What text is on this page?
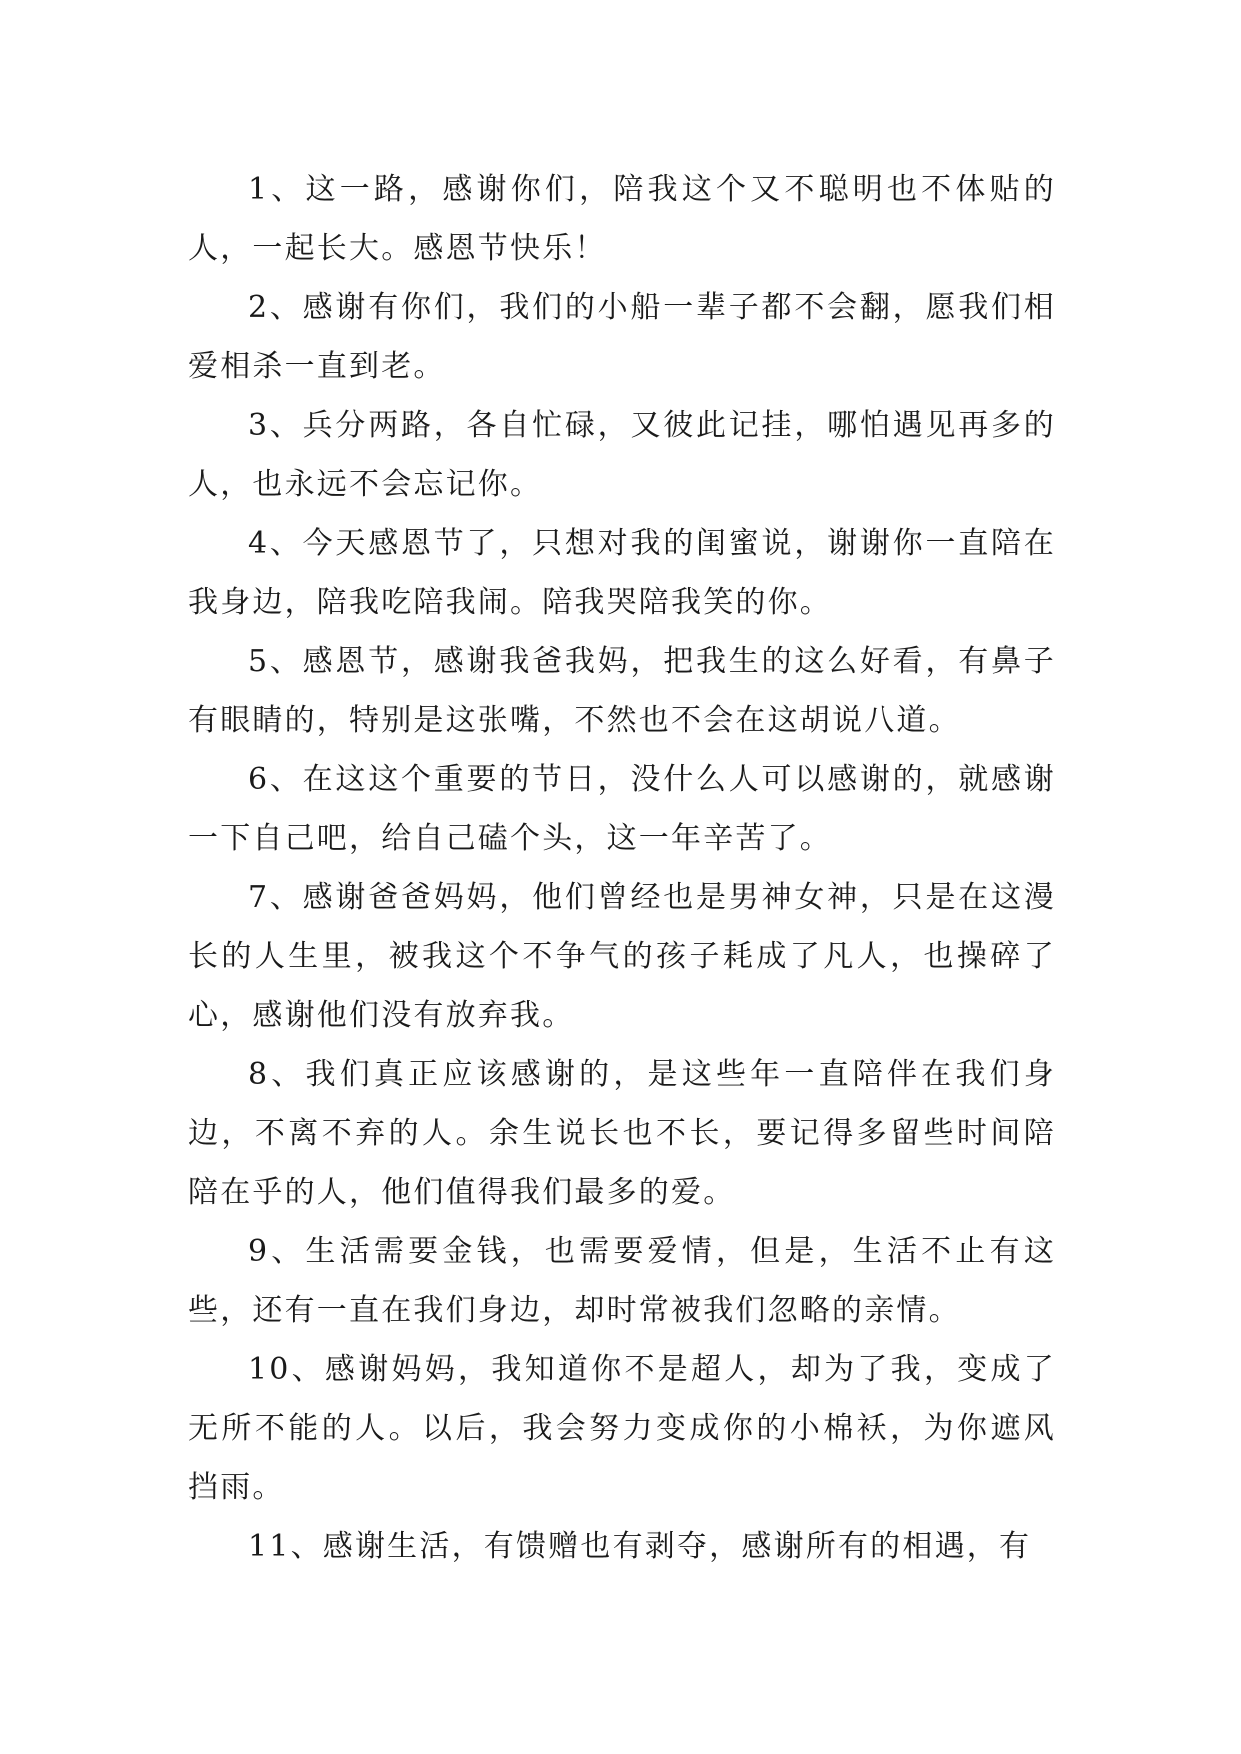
1、这一路，感谢你们，陪我这个又不聪明也不体贴的人，一起长大。感恩节快乐！

2、感谢有你们，我们的小船一辈子都不会翻，愿我们相爱相杀一直到老。

3、兵分两路，各自忙碌，又彼此记挂，哪怕遇见再多的人，也永远不会忘记你。

4、今天感恩节了，只想对我的闺蜜说，谢谢你一直陪在我身边，陪我吃陪我闹。陪我哭陪我笑的你。

5、感恩节，感谢我爸我妈，把我生的这么好看，有鼻子有眼睛的，特别是这张嘴，不然也不会在这胡说八道。

6、在这这个重要的节日，没什么人可以感谢的，就感谢一下自己吧，给自己磕个头，这一年辛苦了。

7、感谢爸爸妈妈，他们曾经也是男神女神，只是在这漫长的人生里，被我这个不争气的孩子耗成了凡人，也操碎了心，感谢他们没有放弃我。

8、我们真正应该感谢的，是这些年一直陪伴在我们身边，不离不弃的人。余生说长也不长，要记得多留些时间陪陪在乎的人，他们值得我们最多的爱。

9、生活需要金钱，也需要爱情，但是，生活不止有这些，还有一直在我们身边，却时常被我们忽略的亲情。

10、感谢妈妈，我知道你不是超人，却为了我，变成了无所不能的人。以后，我会努力变成你的小棉袄，为你遮风挡雨。

11、感谢生活，有馈赠也有剥夺，感谢所有的相遇，有
